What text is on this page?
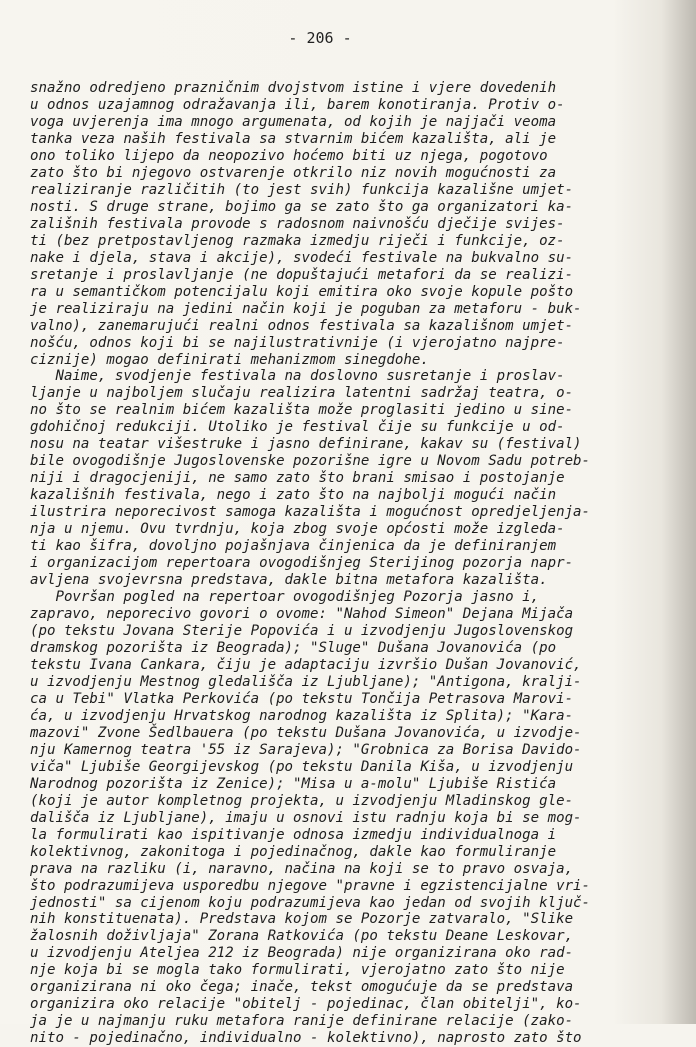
- 206 -
snažno odredjeno prazničnim dvojstvom istine i vjere dovedenih
u odnos uzajamnog odražavanja ili, barem konotiranja. Protiv o-
voga uvjerenja ima mnogo argumenata, od kojih je najjači veoma
tanka veza naših festivala sa stvarnim bićem kazališta, ali je
ono toliko lijepo da neopozivo hoćemo biti uz njega, pogotovo
zato što bi njegovo ostvarenje otkrilo niz novih mogućnosti za
realiziranje različitih (to jest svih) funkcija kazališne umjet-
nosti. S druge strane, bojimo ga se zato što ga organizatori ka-
zališnih festivala provode s radosnom naivnošću dječije svijes-
ti (bez pretpostavljenog razmaka izmedju riječi i funkcije, oz-
nake i djela, stava i akcije), svodeći festivale na bukvalno su-
sretanje i proslavljanje (ne dopuštajući metafori da se realizi-
ra u semantičkom potencijalu koji emitira oko svoje kopule pošto
je realiziraju na jedini način koji je poguban za metaforu - buk-
valno), zanemarujući realni odnos festivala sa kazališnom umjet-
nošću, odnos koji bi se najilustrativnije (i vjerojatno najpre-
ciznije) mogao definirati mehanizmom sinegdohe.
Naime, svodjenje festivala na doslovno susretanje i proslav-
ljanje u najboljem slučaju realizira latentni sadržaj teatra, o-
no što se realnim bićem kazališta može proglasiti jedino u sine-
gdohičnoj redukciji. Utoliko je festival čije su funkcije u od-
nosu na teatar višestruke i jasno definirane, kakav su (festival)
bile ovogodišnje Jugoslovenske pozorišne igre u Novom Sadu potreb-
niji i dragocjeniji, ne samo zato što brani smisao i postojanje
kazališnih festivala, nego i zato što na najbolji mogući način
ilustrira neporecivost samoga kazališta i mogućnost opredjeljenja-
nja u njemu. Ovu tvrdnju, koja zbog svoje općosti može izgleda-
ti kao šifra, dovoljno pojašnjava činjenica da je definiranjem
i organizacijom repertoara ovogodišnjeg Sterijinog pozorja napr-
avljena svojevrsna predstava, dakle bitna metafora kazališta.
Površan pogled na repertoar ovogodišnjeg Pozorja jasno i,
zapravo, neporecivo govori o ovome: "Nahod Simeon" Dejana Mijača
(po tekstu Jovana Sterije Popovića i u izvodjenju Jugoslovenskog
dramskog pozorišta iz Beograda); "Sluge" Dušana Jovanovića (po
tekstu Ivana Cankara, čiju je adaptaciju izvršio Dušan Jovanović,
u izvodjenju Mestnog gledališča iz Ljubljane); "Antigona, kralji-
ca u Tebi" Vlatka Perkovića (po tekstu Tončija Petrasova Marovi-
ća, u izvodjenju Hrvatskog narodnog kazališta iz Splita); "Kara-
mazovi" Zvone Šedlbauera (po tekstu Dušana Jovanovića, u izvodje-
nju Kamernog teatra '55 iz Sarajeva); "Grobnica za Borisa Davido-
viča" Ljubiše Georgijevskog (po tekstu Danila Kiša, u izvodjenju
Narodnog pozorišta iz Zenice); "Misa u a-molu" Ljubiše Ristića
(koji je autor kompletnog projekta, u izvodjenju Mladinskog gle-
dališča iz Ljubljane), imaju u osnovi istu radnju koja bi se mog-
la formulirati kao ispitivanje odnosa izmedju individualnoga i
kolektivnog, zakonitoga i pojedinačnog, dakle kao formuliranje
prava na razliku (i, naravno, načina na koji se to pravo osvaja,
što podrazumijeva usporedbu njegove "pravne i egzistencijalne vri-
jednosti" sa cijenom koju podrazumijeva kao jedan od svojih ključ-
nih konstituenata). Predstava kojom se Pozorje zatvaralo, "Slike
žalosnih doživljaja" Zorana Ratkovića (po tekstu Deane Leskovar,
u izvodjenju Ateljea 212 iz Beograda) nije organizirana oko rad-
nje koja bi se mogla tako formulirati, vjerojatno zato što nije
organizirana ni oko čega; inače, tekst omogućuje da se predstava
organizira oko relacije "obitelj - pojedinac, član obitelji", ko-
ja je u najmanju ruku metafora ranije definirane relacije (zako-
nito - pojedinačno, individualno - kolektivno), naprosto zato što
